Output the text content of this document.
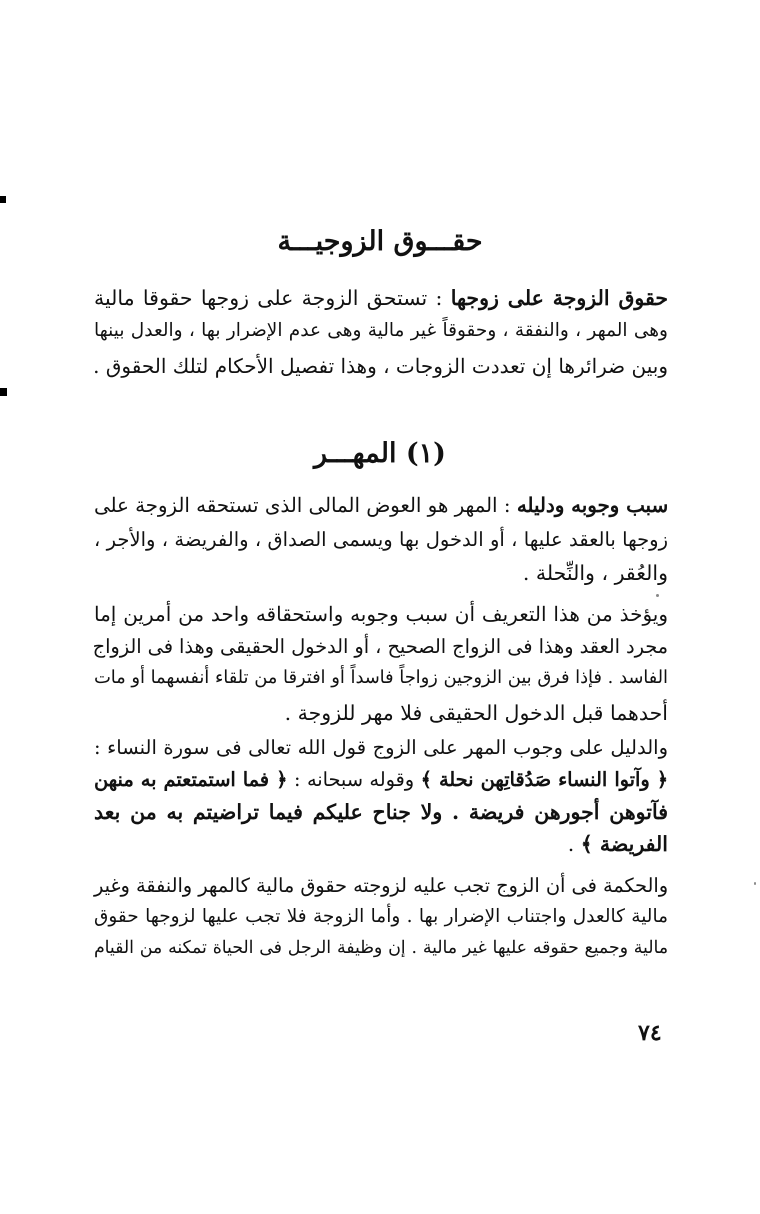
حقـــوق الزوجيـــة
حقوق الزوجة على زوجها : تستحق الزوجة على زوجها حقوقا مالية
وهى المهر ، والنفقة ، وحقوقاً غير مالية وهى عدم الإضرار بها ، والعدل بينها
وبين ضرائرها إن تعددت الزوجات ، وهذا تفصيل الأحكام لتلك الحقوق .
(١) المهـــر
سبب وجوبه ودليله : المهر هو العوض المالى الذى تستحقه الزوجة على
زوجها بالعقد عليها ، أو الدخول بها ويسمى الصداق ، والفريضة ، والأجر ،
والعُقر ، والنِّحلة .
ويؤخذ من هذا التعريف أن سبب وجوبه واستحقاقه واحد من أمرين إما
مجرد العقد وهذا فى الزواج الصحيح ، أو الدخول الحقيقى وهذا فى الزواج
الفاسد . فإذا فرق بين الزوجين زواجاً فاسداً أو افترقا من تلقاء أنفسهما أو مات
أحدهما قبل الدخول الحقيقى فلا مهر للزوجة .
والدليل على وجوب المهر على الزوج قول الله تعالى فى سورة النساء :
﴿ وآتوا النساء صَدُقاتِهن نحلة ﴾ وقوله سبحانه : ﴿ فما استمتعتم به منهن
فآتوهن أجورهن فريضة . ولا جناح عليكم فيما تراضيتم به من بعد
الفريضة ﴾ .
والحكمة فى أن الزوج تجب عليه لزوجته حقوق مالية كالمهر والنفقة وغير
مالية كالعدل واجتناب الإضرار بها . وأما الزوجة فلا تجب عليها لزوجها حقوق
مالية وجميع حقوقه عليها غير مالية . إن وظيفة الرجل فى الحياة تمكنه من القيام
٧٤
